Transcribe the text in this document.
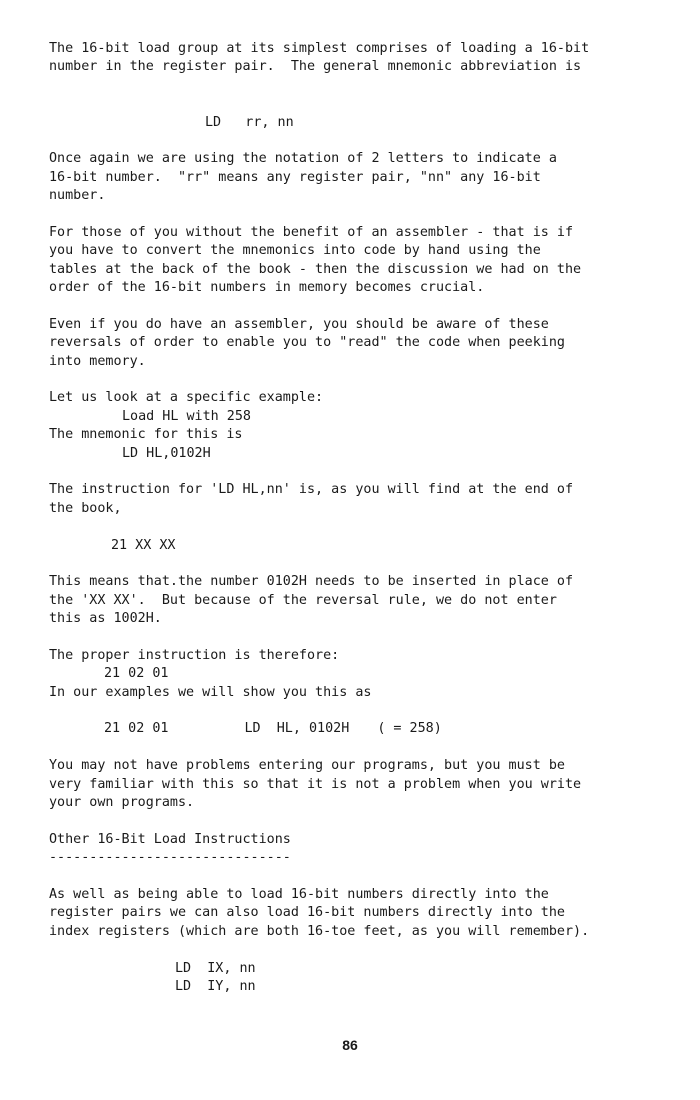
The 16-bit load group at its simplest comprises of loading a 16-bit
number in the register pair.  The general mnemonic abbreviation is
LD   rr, nn
Once again we are using the notation of 2 letters to indicate a
16-bit number.  "rr" means any register pair, "nn" any 16-bit
number.
For those of you without the benefit of an assembler - that is if
you have to convert the mnemonics into code by hand using the
tables at the back of the book - then the discussion we had on the
order of the 16-bit numbers in memory becomes crucial.
Even if you do have an assembler, you should be aware of these
reversals of order to enable you to "read" the code when peeking
into memory.
Let us look at a specific example:
Load HL with 258
The mnemonic for this is
LD HL,0102H
The instruction for 'LD HL,nn' is, as you will find at the end of
the book,
21 XX XX
This means that.the number 0102H needs to be inserted in place of
the 'XX XX'.  But because of the reversal rule, we do not enter
this as 1002H.
The proper instruction is therefore:
21 02 01
In our examples we will show you this as
21 02 01	LD  HL, 0102H ( = 258)
You may not have problems entering our programs, but you must be
very familiar with this so that it is not a problem when you write
your own programs.
Other 16-Bit Load Instructions
------------------------------
As well as being able to load 16-bit numbers directly into the
register pairs we can also load 16-bit numbers directly into the
index registers (which are both 16-toe feet, as you will remember).
LD  IX, nn
LD  IY, nn
86
